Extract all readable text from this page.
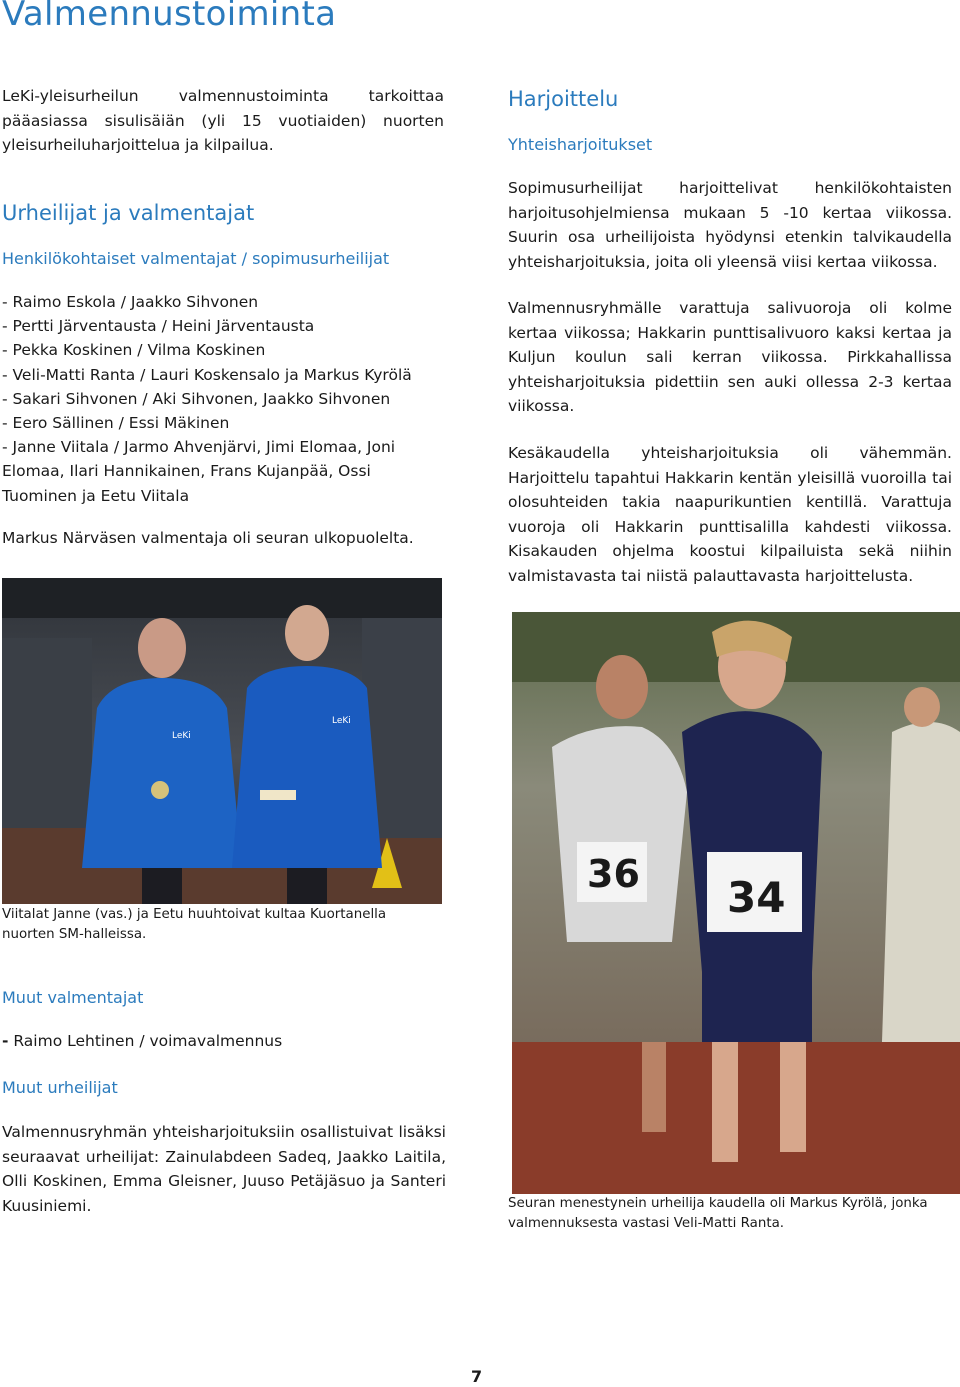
Valmennustoiminta
LeKi-yleisurheilun valmennustoiminta tarkoittaa pääasiassa sisulisäiän (yli 15 vuotiaiden) nuorten yleisurheiluharjoittelua ja kilpailua.
Urheilijat ja valmentajat
Henkilökohtaiset valmentajat / sopimusurheilijat
- Raimo Eskola / Jaakko Sihvonen
- Pertti Järventausta / Heini Järventausta
- Pekka Koskinen / Vilma Koskinen
- Veli-Matti Ranta / Lauri Koskensalo ja Markus Kyrölä
- Sakari Sihvonen / Aki Sihvonen, Jaakko Sihvonen
- Eero Sällinen / Essi Mäkinen
- Janne Viitala / Jarmo Ahvenjärvi, Jimi Elomaa, Joni
Elomaa, Ilari Hannikainen, Frans Kujanpää, Ossi
Tuominen ja Eetu Viitala
Markus Närväsen valmentaja oli seuran ulkopuolelta.
Harjoittelu
Yhteisharjoitukset
Sopimusurheilijat harjoittelivat henkilökohtaisten harjoitusohjelmiensa mukaan 5 -10 kertaa viikossa. Suurin osa urheilijoista hyödynsi etenkin talvikaudella yhteisharjoituksia, joita oli yleensä viisi kertaa viikossa.
Valmennusryhmälle varattuja salivuoroja oli kolme kertaa viikossa; Hakkarin punttisalivuoro kaksi kertaa ja Kuljun koulun sali kerran viikossa. Pirkkahallissa yhteisharjoituksia pidettiin sen auki ollessa 2-3 kertaa viikossa.
Kesäkaudella yhteisharjoituksia oli vähemmän. Harjoittelu tapahtui Hakkarin kentän yleisillä vuoroilla tai olosuhteiden takia naapurikuntien kentillä. Varattuja vuoroja oli Hakkarin punttisalilla kahdesti viikossa. Kisakauden ohjelma koostui kilpailuista sekä niihin valmistavasta tai niistä palauttavasta harjoittelusta.
LeKi
LeKi
Viitalat Janne (vas.) ja Eetu huuhtoivat kultaa Kuortanella nuorten SM-halleissa.
36 34
Seuran menestynein urheilija kaudella oli Markus Kyrölä, jonka valmennuksesta vastasi Veli-Matti Ranta.
Muut valmentajat
- Raimo Lehtinen / voimavalmennus
Muut urheilijat
Valmennusryhmän yhteisharjoituksiin osallistuivat lisäksi seuraavat urheilijat: Zainulabdeen Sadeq, Jaakko Laitila, Olli Koskinen, Emma Gleisner, Juuso Petäjäsuo ja Santeri Kuusiniemi.
7
